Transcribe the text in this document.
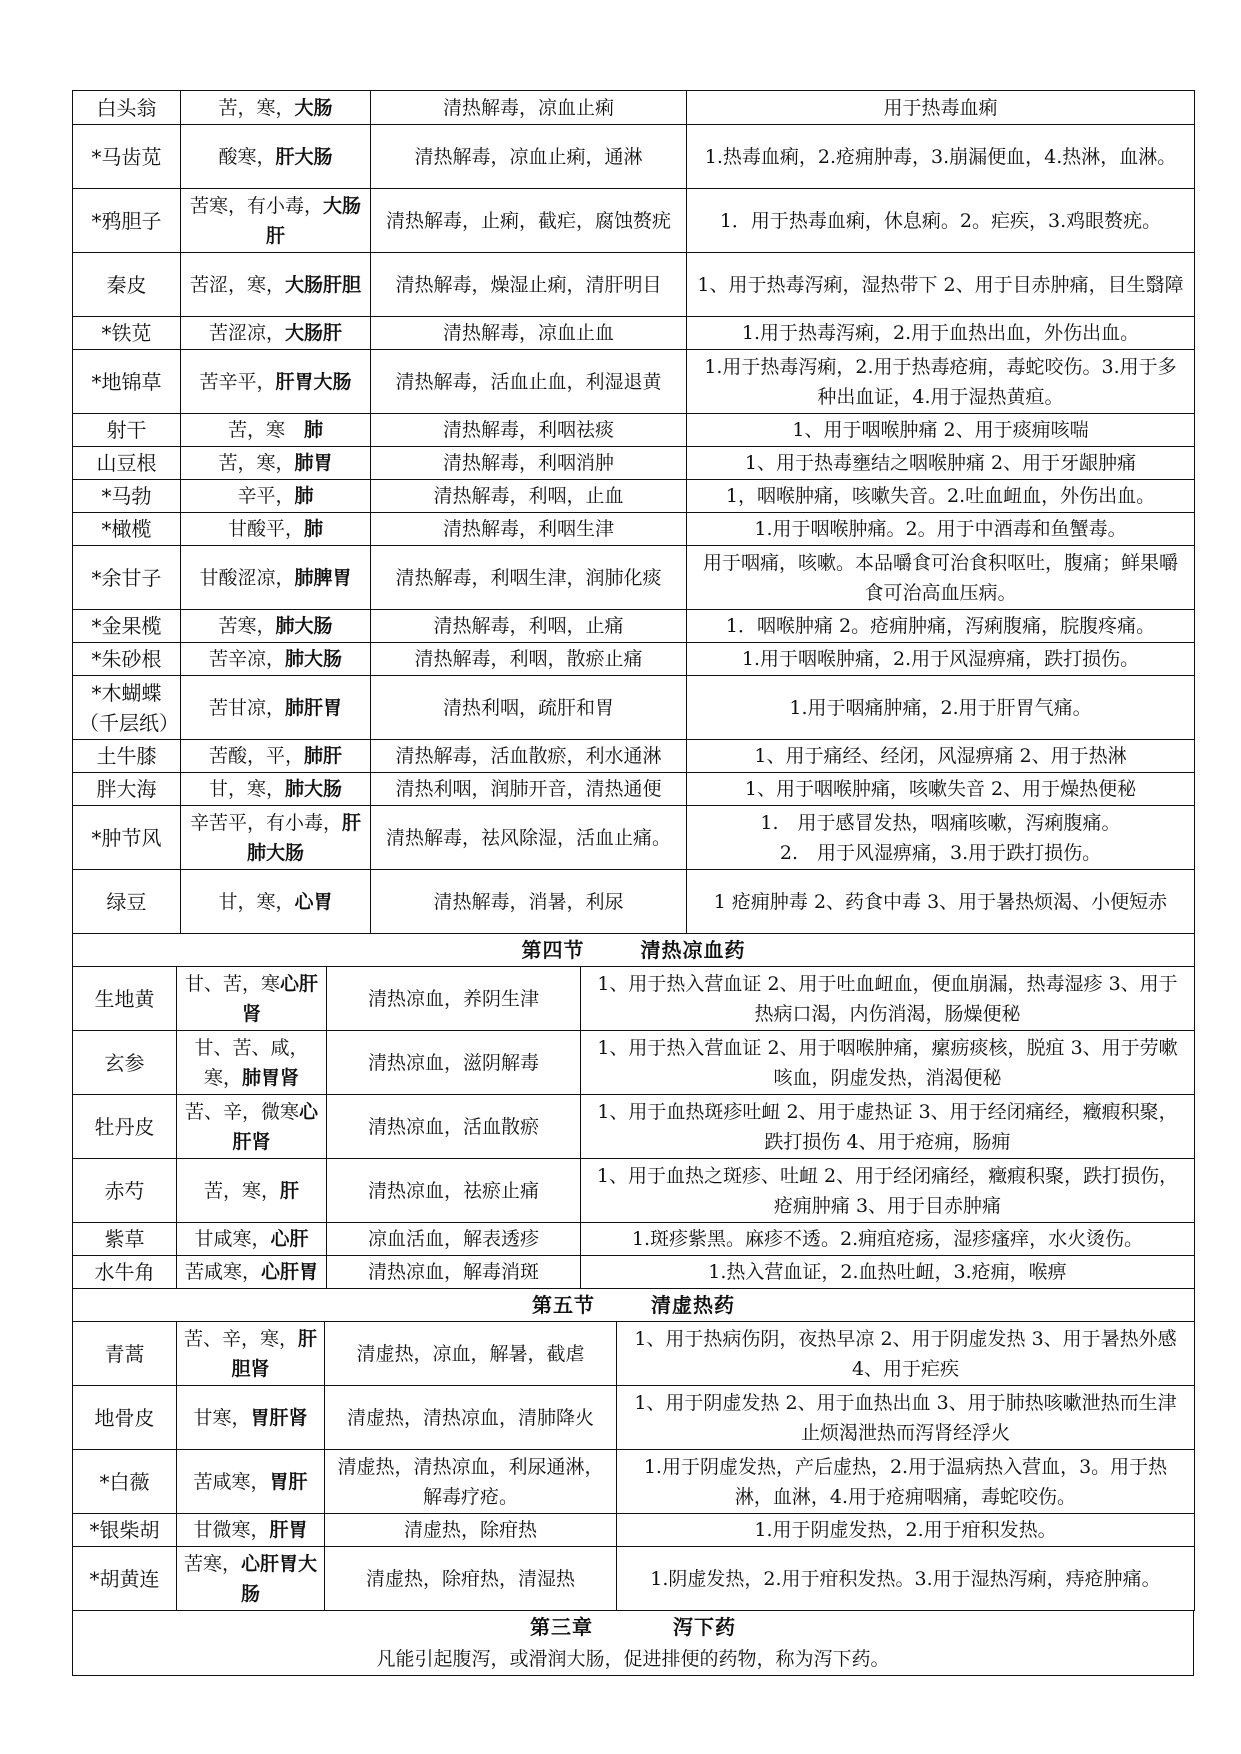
白头翁	苦，寒，大肠	清热解毒，凉血止痢	用于热毒血痢
*马齿苋	酸寒，肝大肠	清热解毒，凉血止痢，通淋	1.热毒血痢，2.疮痈肿毒，3.崩漏便血，4.热淋，血淋。
*鸦胆子	苦寒，有小毒，大肠肝	清热解毒，止痢，截疟，腐蚀赘疣	1．用于热毒血痢，休息痢。2。疟疾，3.鸡眼赘疣。
秦皮	苦涩，寒，大肠肝胆	清热解毒，燥湿止痢，清肝明目	1、用于热毒泻痢，湿热带下 2、用于目赤肿痛，目生翳障
*铁苋	苦涩凉，大肠肝	清热解毒，凉血止血	1.用于热毒泻痢，2.用于血热出血，外伤出血。
*地锦草	苦辛平，肝胃大肠	清热解毒，活血止血，利湿退黄	1.用于热毒泻痢，2.用于热毒疮痈，毒蛇咬伤。3.用于多种出血证，4.用于湿热黄疸。
射干	苦，寒　肺	清热解毒，利咽祛痰	1、用于咽喉肿痛 2、用于痰痈咳喘
山豆根	苦，寒，肺胃	清热解毒，利咽消肿	1、用于热毒壅结之咽喉肿痛 2、用于牙龈肿痛
*马勃	辛平，肺	清热解毒，利咽，止血	1，咽喉肿痛，咳嗽失音。2.吐血衄血，外伤出血。
*橄榄	甘酸平，肺	清热解毒，利咽生津	1.用于咽喉肿痛。2。用于中酒毒和鱼蟹毒。
*余甘子	甘酸涩凉，肺脾胃	清热解毒，利咽生津，润肺化痰	用于咽痛，咳嗽。本品嚼食可治食积呕吐，腹痛；鲜果嚼食可治高血压病。
*金果榄	苦寒，肺大肠	清热解毒，利咽，止痛	1．咽喉肿痛 2。疮痈肿痛，泻痢腹痛，脘腹疼痛。
*朱砂根	苦辛凉，肺大肠	清热解毒，利咽，散瘀止痛	1.用于咽喉肿痛，2.用于风湿痹痛，跌打损伤。
*木蝴蝶（千层纸）	苦甘凉，肺肝胃	清热利咽，疏肝和胃	1.用于咽痛肿痛，2.用于肝胃气痛。
土牛膝	苦酸，平，肺肝	清热解毒，活血散瘀，利水通淋	1、用于痛经、经闭，风湿痹痛 2、用于热淋
胖大海	甘，寒，肺大肠	清热利咽，润肺开音，清热通便	1、用于咽喉肿痛，咳嗽失音 2、用于燥热便秘
*肿节风	辛苦平，有小毒，肝肺大肠	清热解毒，祛风除湿，活血止痛。	1.　用于感冒发热，咽痛咳嗽，泻痢腹痛。
2.　用于风湿痹痛，3.用于跌打损伤。
绿豆	甘，寒，心胃	清热解毒，消暑，利尿	1 疮痈肿毒 2、药食中毒 3、用于暑热烦渴、小便短赤
第四节 清热凉血药			
生地黄	甘、苦，寒心肝肾	清热凉血，养阴生津	1、用于热入营血证 2、用于吐血衄血，便血崩漏，热毒湿疹 3、用于热病口渴，内伤消渴，肠燥便秘
玄参	甘、苦、咸，寒，肺胃肾	清热凉血，滋阴解毒	1、用于热入营血证 2、用于咽喉肿痛，瘰疬痰核，脱疽 3、用于劳嗽咳血，阴虚发热，消渴便秘
牡丹皮	苦、辛，微寒心肝肾	清热凉血，活血散瘀	1、用于血热斑疹吐衄 2、用于虚热证 3、用于经闭痛经，癥瘕积聚，跌打损伤 4、用于疮痈，肠痈
赤芍	苦，寒，肝	清热凉血，祛瘀止痛	1、用于血热之斑疹、吐衄 2、用于经闭痛经，癥瘕积聚，跌打损伤，疮痈肿痛 3、用于目赤肿痛
紫草	甘咸寒，心肝	凉血活血，解表透疹	1.斑疹紫黑。麻疹不透。2.痈疽疮疡，湿疹瘙痒，水火烫伤。
水牛角	苦咸寒，心肝胃	清热凉血，解毒消斑	1.热入营血证，2.血热吐衄，3.疮痈，喉痹
第五节 清虚热药			
青蒿	苦、辛，寒，肝胆肾	清虚热，凉血，解暑，截虐	1、用于热病伤阴，夜热早凉 2、用于阴虚发热 3、用于暑热外感 4、用于疟疾
地骨皮	甘寒，胃肝肾	清虚热，清热凉血，清肺降火	1、用于阴虚发热 2、用于血热出血 3、用于肺热咳嗽泄热而生津止烦渴泄热而泻肾经浮火
*白薇	苦咸寒，胃肝	清虚热，清热凉血，利尿通淋，解毒疗疮。	1.用于阴虚发热，产后虚热，2.用于温病热入营血，3。用于热淋，血淋，4.用于疮痈咽痛，毒蛇咬伤。
*银柴胡	甘微寒，肝胃	清虚热，除疳热	1.用于阴虚发热，2.用于疳积发热。
*胡黄连	苦寒，心肝胃大肠	清虚热，除疳热，清湿热	1.阴虚发热，2.用于疳积发热。3.用于湿热泻痢，痔疮肿痛。
第三章	泻下药
凡能引起腹泻，或滑润大肠，促进排便的药物，称为泻下药。
